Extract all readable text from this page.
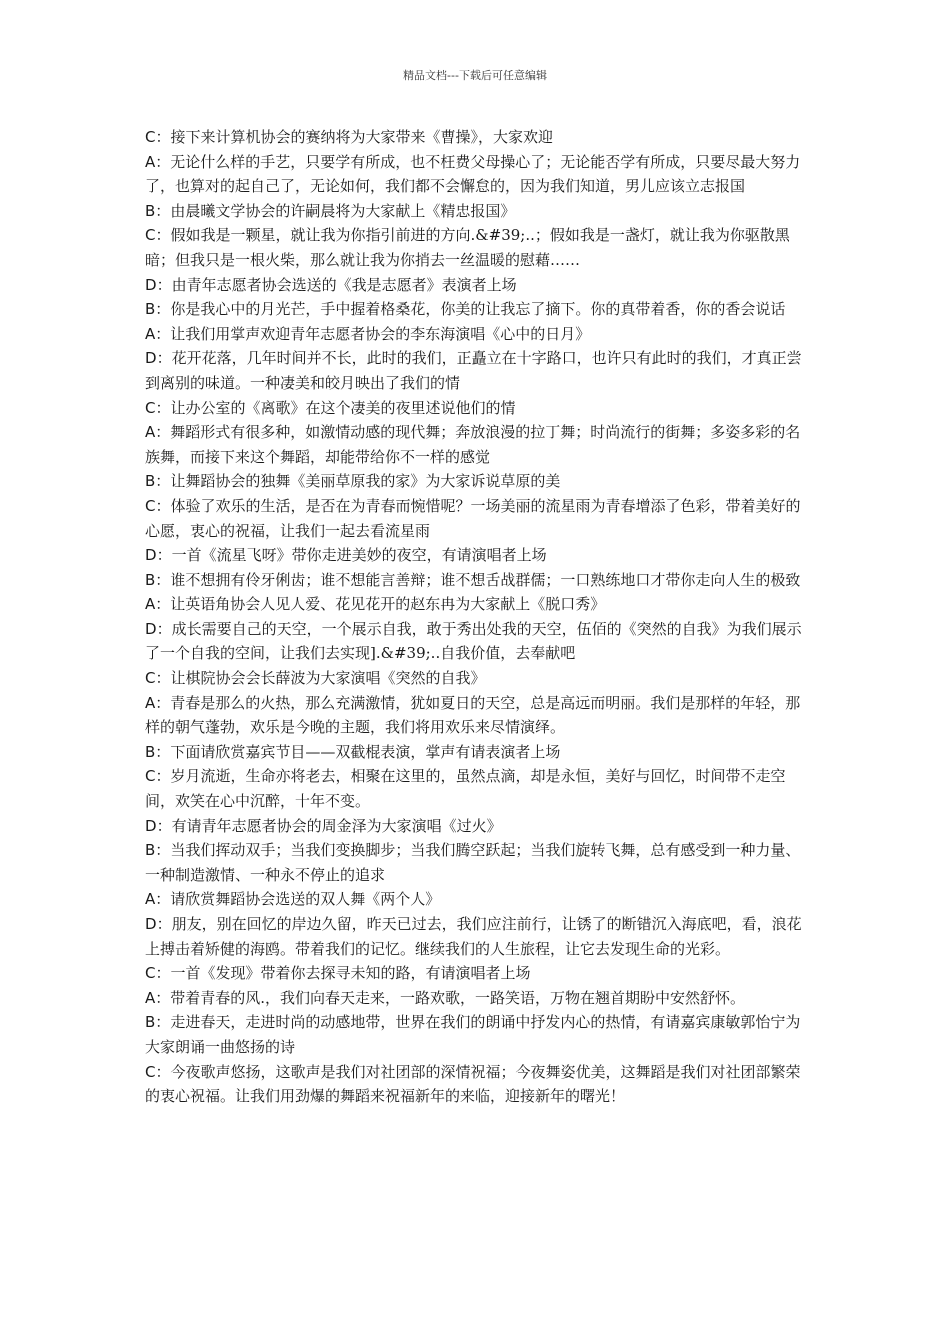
精品文档---下载后可任意编辑

C：接下来计算机协会的赛纳将为大家带来《曹操》，大家欢迎

A：无论什么样的手艺，只要学有所成，也不枉费父母操心了；无论能否学有所成，只要尽最大努力了，也算对的起自己了，无论如何，我们都不会懈怠的，因为我们知道，男儿应该立志报国

B：由晨曦文学协会的许嗣晨将为大家献上《精忠报国》

C：假如我是一颗星，就让我为你指引前进的方向.&#39;..；假如我是一盏灯，就让我为你驱散黑暗；但我只是一根火柴，那么就让我为你捎去一丝温暖的慰藉……

D：由青年志愿者协会选送的《我是志愿者》表演者上场

B：你是我心中的月光芒，手中握着格桑花，你美的让我忘了摘下。你的真带着香，你的香会说话

A：让我们用掌声欢迎青年志愿者协会的李东海演唱《心中的日月》

D：花开花落，几年时间并不长，此时的我们，正矗立在十字路口，也许只有此时的我们，才真正尝到离别的味道。一种凄美和皎月映出了我们的情

C：让办公室的《离歌》在这个凄美的夜里述说他们的情

A：舞蹈形式有很多种，如激情动感的现代舞；奔放浪漫的拉丁舞；时尚流行的街舞；多姿多彩的名族舞，而接下来这个舞蹈，却能带给你不一样的感觉

B：让舞蹈协会的独舞《美丽草原我的家》为大家诉说草原的美

C：体验了欢乐的生活，是否在为青春而惋惜呢？一场美丽的流星雨为青春增添了色彩，带着美好的心愿，衷心的祝福，让我们一起去看流星雨

D：一首《流星飞呀》带你走进美妙的夜空，有请演唱者上场

B：谁不想拥有伶牙俐齿；谁不想能言善辩；谁不想舌战群儒；一口熟练地口才带你走向人生的极致

A：让英语角协会人见人爱、花见花开的赵东冉为大家献上《脱口秀》

D：成长需要自己的天空，一个展示自我，敢于秀出处我的天空，伍佰的《突然的自我》为我们展示了一个自我的空间，让我们去实现].&#39;..自我价值，去奉献吧

C：让棋院协会会长薛波为大家演唱《突然的自我》

A：青春是那么的火热，那么充满激情，犹如夏日的天空，总是高远而明丽。我们是那样的年轻，那样的朝气蓬勃，欢乐是今晚的主题，我们将用欢乐来尽情演绎。

B：下面请欣赏嘉宾节目——双截棍表演，掌声有请表演者上场

C：岁月流逝，生命亦将老去，相聚在这里的，虽然点滴，却是永恒，美好与回忆，时间带不走空间，欢笑在心中沉醉，十年不变。

D：有请青年志愿者协会的周金泽为大家演唱《过火》

B：当我们挥动双手；当我们变换脚步；当我们腾空跃起；当我们旋转飞舞，总有感受到一种力量、一种制造激情、一种永不停止的追求

A：请欣赏舞蹈协会选送的双人舞《两个人》

D：朋友，别在回忆的岸边久留，昨天已过去，我们应注前行，让锈了的断错沉入海底吧，看，浪花上搏击着矫健的海鸥。带着我们的记忆。继续我们的人生旅程，让它去发现生命的光彩。

C：一首《发现》带着你去探寻未知的路，有请演唱者上场

A：带着青春的风.，我们向春天走来，一路欢歌，一路笑语，万物在翘首期盼中安然舒怀。

B：走进春天，走进时尚的动感地带，世界在我们的朗诵中抒发内心的热情，有请嘉宾康敏郭怡宁为大家朗诵一曲悠扬的诗

C：今夜歌声悠扬，这歌声是我们对社团部的深情祝福；今夜舞姿优美，这舞蹈是我们对社团部繁荣的衷心祝福。让我们用劲爆的舞蹈来祝福新年的来临，迎接新年的曙光！
